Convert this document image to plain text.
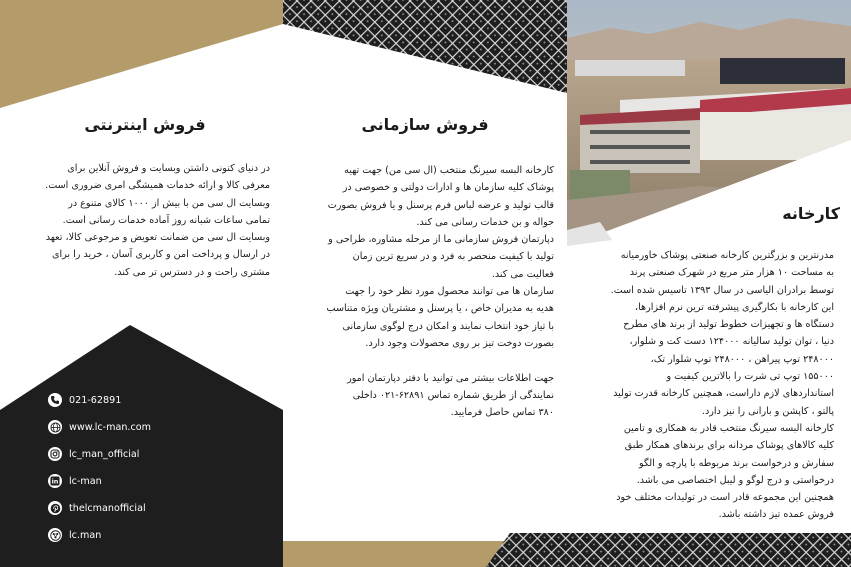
فروش اینترنتی
در دنیای کنونی داشتن وبسایت و فروش آنلاین برای
معرفی کالا و ارائه خدمات همیشگی امری ضروری است.
وبسایت ال سی من با بیش از ۱۰۰۰ کالای متنوع در
تمامی ساعات شبانه روز آماده خدمات رسانی است.
وبسایت ال سی من ضمانت تعویض و مرجوعی کالا، تعهد
در ارسال و پرداخت امن و کاربری آسان ، خرید را برای
مشتری راحت و در دسترس تر می کند.
فروش سازمانی
کارخانه البسه سیرنگ منتخب (ال سی من) جهت تهیه
پوشاک کلیه سازمان ها و ادارات دولتی و خصوصی در
قالب تولید و عرضه لباس فرم پرسنل و یا فروش بصورت
حواله و بن خدمات رسانی می کند.
دپارتمان فروش سازمانی ما از مرحله مشاوره، طراحی و
تولید با کیفیت منحصر به فرد و در سریع ترین زمان
فعالیت می کند.
سازمان ها می توانند محصول مورد نظر خود را جهت
هدیه به مدیران خاص ، یا پرسنل و مشتریان ویژه متناسب
با تیاز خود انتخاب نمایند و امکان درج لوگوی سازمانی
بصورت دوخت تیز بر روی محصولات وجود دارد.

جهت اطلاعات بیشتر می توانید با دفتر دپارتمان امور
نمایندگی از طریق شماره تماس ۶۲۸۹۱-۰۲۱ داخلی
۳۸۰ تماس حاصل فرمایید.
کارخانه
مدرنترین و بزرگترین کارخانه صنعتی پوشاک خاورمیانه
به مساحت ۱۰ هزار متر مربع در شهرک صنعتی پرند
توسط برادران الیاسی در سال ۱۳۹۳ تاسیس شده است.
این کارخانه با بکارگیری پیشرفته ترین نرم افزارها،
دستگاه ها و تجهیزات خطوط تولید از برند های مطرح
دنیا ، توان تولید سالیانه ۱۲۴۰۰۰ دست کت و شلوار،
۲۴۸۰۰۰ توپ پیراهن ، ۲۴۸۰۰۰ توپ شلوار تک،
۱۵۵۰۰۰ توپ تی شرت را بالاترین کیفیت و
استانداردهای لازم داراست، همچنین کارخانه قدرت تولید
پالتو ، کاپشن و بارانی را نیز دارد.
کارخانه البسه سیرنگ منتخب قادر به همکاری و تامین
کلیه کالاهای پوشاک مردانه برای برندهای همکار طبق
سفارش و درخواست برند مربوطه با پارچه و الگو
درخواستی و درج لوگو و لیبل اختصاصی می باشد.
همچنین این مجموعه قادر است در تولیدات مختلف خود
فروش عمده تیز داشته باشد.
021-62891
www.lc-man.com
lc_man_official
in lc-man
thelcmanofficial
lc.man
